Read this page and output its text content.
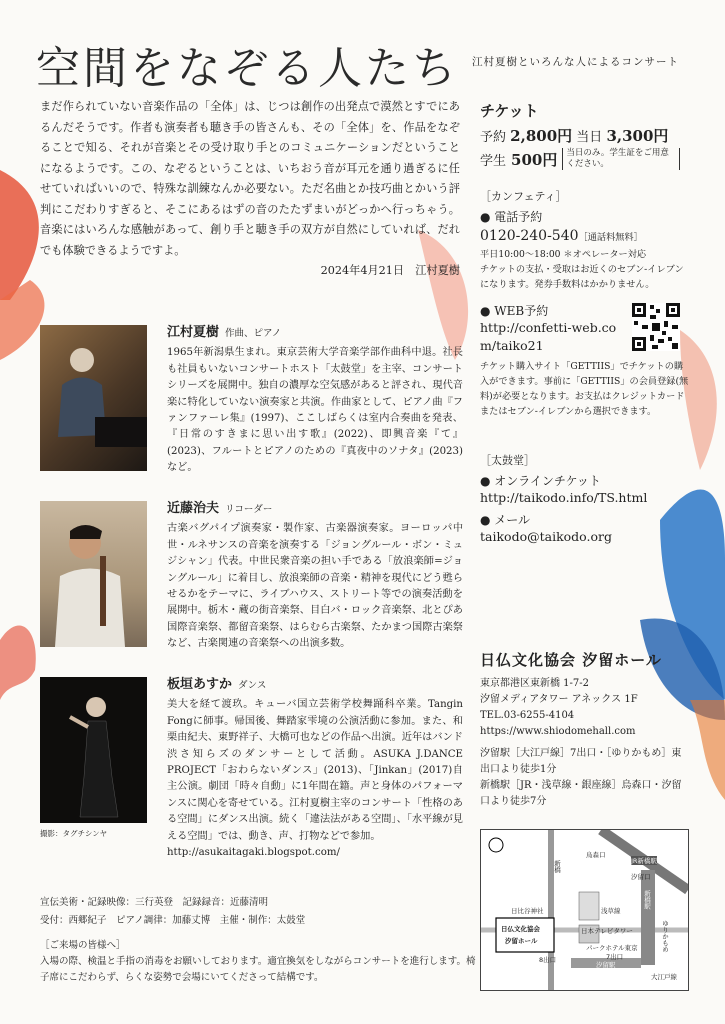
空間をなぞる人たち 江村夏樹といろんな人によるコンサート

まだ作られていない音楽作品の「全体」は、じつは創作の出発点で漠然とすでにあるんだそうです。作者も演奏者も聴き手の皆さんも、その「全体」を、作品をなぞることで知る、それが音楽とその受け取り手とのコミュニケーションだということになるようです。この、なぞるということは、いちおう音が耳元を通り過ぎるに任せていればいいので、特殊な訓練なんか必要ない。ただ名曲とか技巧曲とかいう評判にこだわりすぎると、そこにあるはずの音のたたずまいがどっかへ行っちゃう。音楽にはいろんな感触があって、創り手と聴き手の双方が自然にしていれば、だれでも体験できるようですよ。

2024年4月21日　江村夏樹

江村夏樹 作曲、ピアノ

1965年新潟県生まれ。東京芸術大学音楽学部作曲科中退。社長も社員もいないコンサートホスト「太鼓堂」を主宰、コンサートシリーズを展開中。独自の濃厚な空気感があると評され、現代音楽に特化していない演奏家と共演。作曲家として、ピアノ曲『ファンファーレ集』(1997)、ここしばらくは室内合奏曲を発表、『日常のすきまに思い出す歌』(2022)、即興音楽『て』(2023)、フルートとピアノのための『真夜中のソナタ』(2023)など。

近藤治夫 リコーダー

古楽バグパイプ演奏家・製作家、古楽器演奏家。ヨーロッパ中世・ルネサンスの音楽を演奏する「ジョングルール・ボン・ミュジシャン」代表。中世民衆音楽の担い手である「放浪楽師=ジョングルール」に着目し、放浪楽師の音楽・精神を現代にどう甦らせるかをテーマに、ライブハウス、ストリート等での演奏活動を展開中。栃木・蔵の街音楽祭、目白バ・ロック音楽祭、北とぴあ国際音楽祭、都留音楽祭、はらむら古楽祭、たかまつ国際古楽祭など、古楽関連の音楽祭への出演多数。

板垣あすか ダンス

美大を経て渡玖。キューバ国立芸術学校舞踊科卒業。Tangin Fongに師事。帰国後、舞踏家雫境の公演活動に参加。また、和栗由紀夫、東野祥子、大橋可也などの作品へ出演。近年はバンド渋さ知らズのダンサーとして活動。ASUKA J.DANCE PROJECT「おわらないダンス」(2013)、「Jinkan」(2017)自主公演。劇団「時々自動」に1年間在籍。声と身体のパフォーマンスに関心を寄せている。江村夏樹主宰のコンサート「性格のある空間」にダンス出演。続く「違法法がある空間」、「水平線が見える空間」では、動き、声、打物などで参加。

http://asukaitagaki.blogspot.com/
撮影：タグチシンヤ
宣伝美術・記録映像：三行英登　記録録音：近藤清明
受付：西郷紀子　ピアノ調律：加藤丈博　主催・制作：太鼓堂
［ご来場の皆様へ］
入場の際、検温と手指の消毒をお願いしております。適宜換気をしながらコンサートを進行します。椅子席にこだわらず、らくな姿勢で会場にいてくださって結構です。
チケット
予約 2,800円 当日 3,300円
学生 500円	当日のみ。学生証をご用意ください。
［カンフェティ］
● 電話予約
0120-240-540［通話料無料］
平日10:00～18:00 ＊オペレーター対応
チケットの支払・受取はお近くのセブン-イレブンになります。発券手数料はかかりません。
● WEB予約
http://confetti-web.com/taiko21
チケット購入サイト「GETTIIS」でチケットの購入ができます。事前に「GETTIIS」の会員登録(無料)が必要となります。お支払はクレジットカードまたはセブン-イレブンから選択できます。
［太鼓堂］
● オンラインチケット
http://taikodo.info/TS.html
● メール
taikodo@taikodo.org
日仏文化協会 汐留ホール
東京都港区東新橋 1-7-2
汐留メディアタワー アネックス 1F
TEL.03-6255-4104
https://www.shiodomehall.com
汐留駅［大江戸線］7出口・［ゆりかもめ］東出口より徒歩1分
新橋駅［JR・浅草線・銀座線］烏森口・汐留口より徒歩7分
烏森口
JR新橋駅
汐留口
新橋駅
浅草線
日比谷神社
日本テレビタワー
日仏文化協会
汐留ホール
パークホテル東京
7出口
8出口
汐留駅
ゆりかもめ
大江戸線
新橋
